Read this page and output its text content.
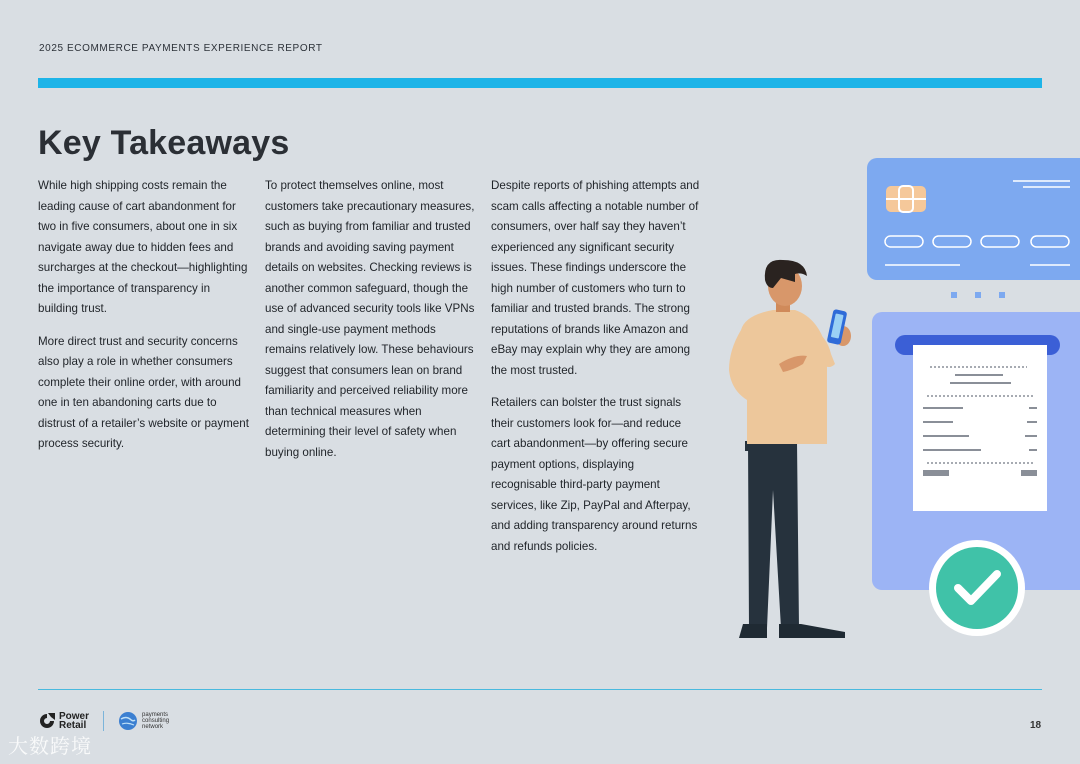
2025 ECOMMERCE PAYMENTS EXPERIENCE REPORT
Key Takeaways

While high shipping costs remain the leading cause of cart abandonment for two in five consumers, about one in six navigate away due to hidden fees and surcharges at the checkout—highlighting the importance of transparency in building trust.

More direct trust and security concerns also play a role in whether consumers complete their online order, with around one in ten abandoning carts due to distrust of a retailer’s website or payment process security.

To protect themselves online, most customers take precautionary measures, such as buying from familiar and trusted brands and avoiding saving payment details on websites. Checking reviews is another common safeguard, though the use of advanced security tools like VPNs and single-use payment methods remains relatively low. These behaviours suggest that consumers lean on brand familiarity and perceived reliability more than technical measures when determining their level of safety when buying online.

Despite reports of phishing attempts and scam calls affecting a notable number of consumers, over half say they haven’t experienced any significant security issues. These findings underscore the high number of customers who turn to familiar and trusted brands. The strong reputations of brands like Amazon and eBay may explain why they are among the most trusted.

Retailers can bolster the trust signals their customers look for—and reduce cart abandonment—by offering secure payment options, displaying recognisable third-party payment services, like Zip, PayPal and Afterpay, and adding transparency around returns and refunds policies.

Power
Retail
payments
consulting
network	18
大数跨境
